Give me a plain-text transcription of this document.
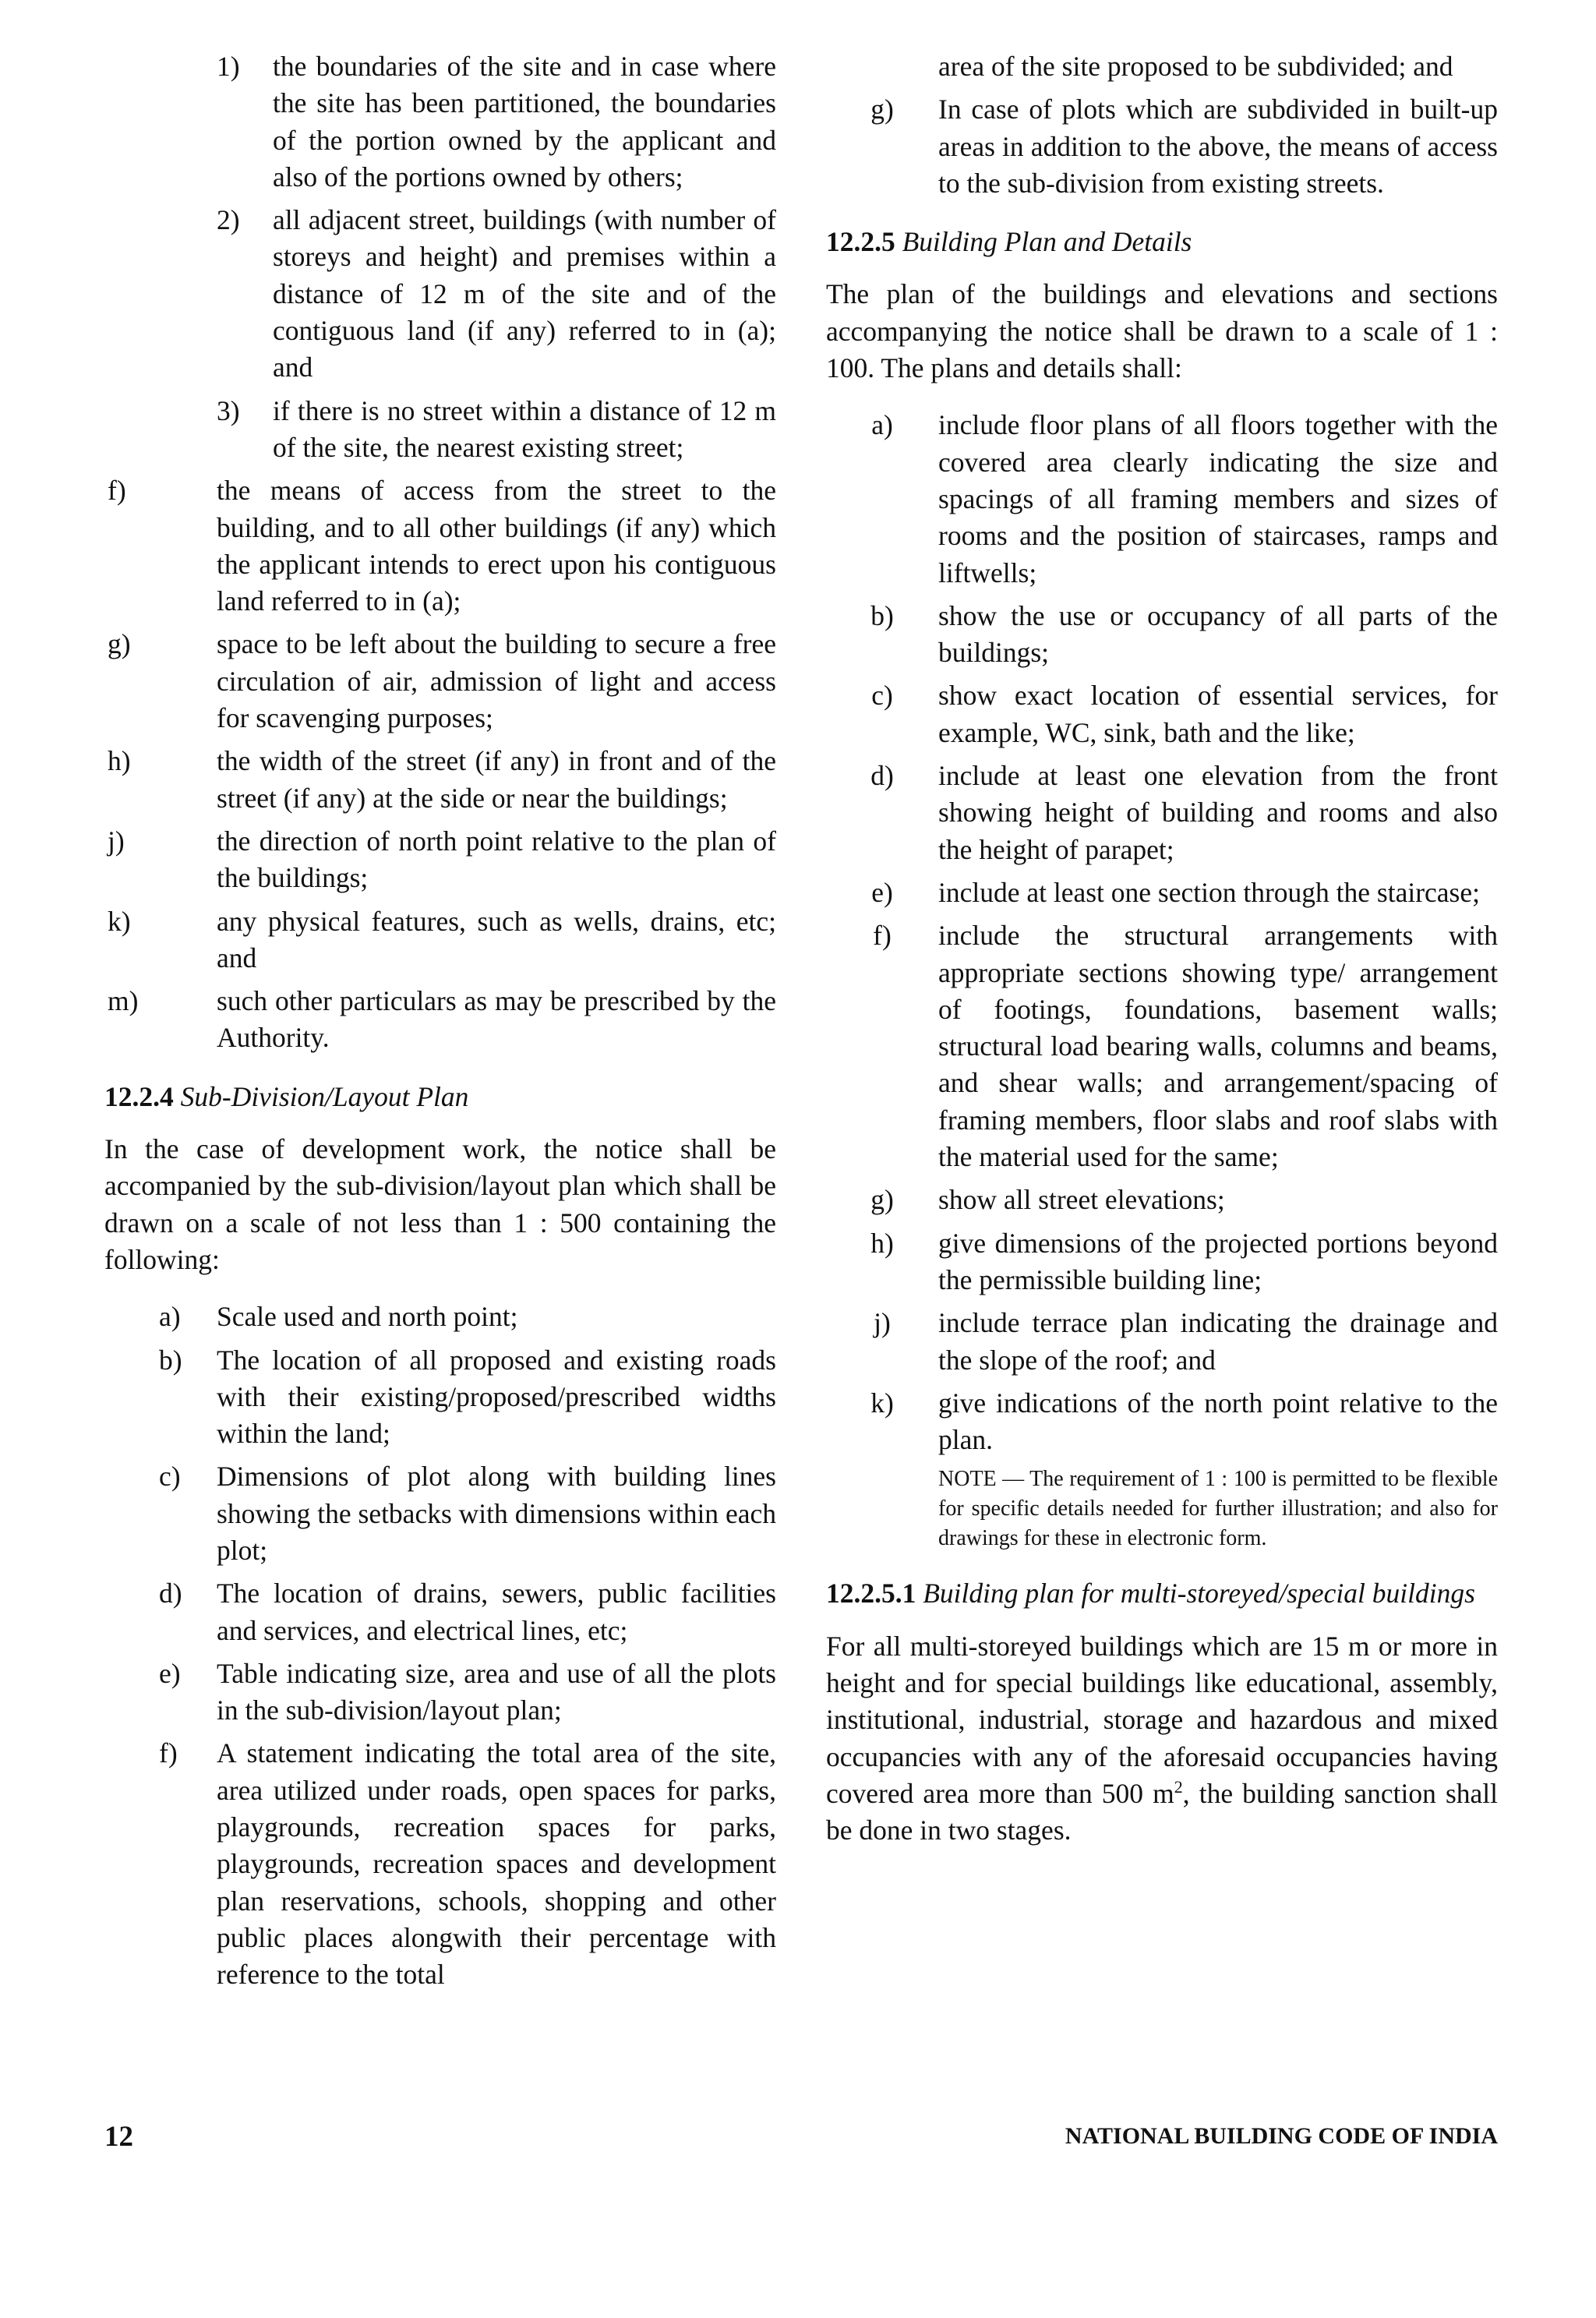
1)	the boundaries of the site and in case where the site has been partitioned, the boundaries of the portion owned by the applicant and also of the portions owned by others;
2)	all adjacent street, buildings (with number of storeys and height) and premises within a distance of 12 m of the site and of the contiguous land (if any) referred to in (a); and
3)	if there is no street within a distance of 12 m of the site, the nearest existing street;
f)	the means of access from the street to the building, and to all other buildings (if any) which the applicant intends to erect upon his contiguous land referred to in (a);
g)	space to be left about the building to secure a free circulation of air, admission of light and access for scavenging purposes;
h)	the width of the street (if any) in front and of the street (if any) at the side or near the buildings;
j)	the direction of north point relative to the plan of the buildings;
k)	any physical features, such as wells, drains, etc; and
m)	such other particulars as may be prescribed by the Authority.
12.2.4 Sub-Division/Layout Plan
In the case of development work, the notice shall be accompanied by the sub-division/layout plan which shall be drawn on a scale of not less than 1 : 500 containing the following:
a)	Scale used and north point;
b)	The location of all proposed and existing roads with their existing/proposed/prescribed widths within the land;
c)	Dimensions of plot along with building lines showing the setbacks with dimensions within each plot;
d)	The location of drains, sewers, public facilities and services, and electrical lines, etc;
e)	Table indicating size, area and use of all the plots in the sub-division/layout plan;
f)	A statement indicating the total area of the site, area utilized under roads, open spaces for parks, playgrounds, recreation spaces for parks, playgrounds, recreation spaces and development plan reservations, schools, shopping and other public places alongwith their percentage with reference to the total
area of the site proposed to be subdivided; and
g)	In case of plots which are subdivided in built-up areas in addition to the above, the means of access to the sub-division from existing streets.
12.2.5 Building Plan and Details
The plan of the buildings and elevations and sections accompanying the notice shall be drawn to a scale of 1 : 100. The plans and details shall:
a)	include floor plans of all floors together with the covered area clearly indicating the size and spacings of all framing members and sizes of rooms and the position of staircases, ramps and liftwells;
b)	show the use or occupancy of all parts of the buildings;
c)	show exact location of essential services, for example, WC, sink, bath and the like;
d)	include at least one elevation from the front showing height of building and rooms and also the height of parapet;
e)	include at least one section through the staircase;
f)	include the structural arrangements with appropriate sections showing type/ arrangement of footings, foundations, basement walls; structural load bearing walls, columns and beams, and shear walls; and arrangement/spacing of framing members, floor slabs and roof slabs with the material used for the same;
g)	show all street elevations;
h)	give dimensions of the projected portions beyond the permissible building line;
j)	include terrace plan indicating the drainage and the slope of the roof; and
k)	give indications of the north point relative to the plan.
NOTE — The requirement of 1 : 100 is permitted to be flexible for specific details needed for further illustration; and also for drawings for these in electronic form.
12.2.5.1 Building plan for multi-storeyed/special buildings
For all multi-storeyed buildings which are 15 m or more in height and for special buildings like educational, assembly, institutional, industrial, storage and hazardous and mixed occupancies with any of the aforesaid occupancies having covered area more than 500 $m^2$, the building sanction shall be done in two stages.
12	NATIONAL BUILDING CODE OF INDIA
